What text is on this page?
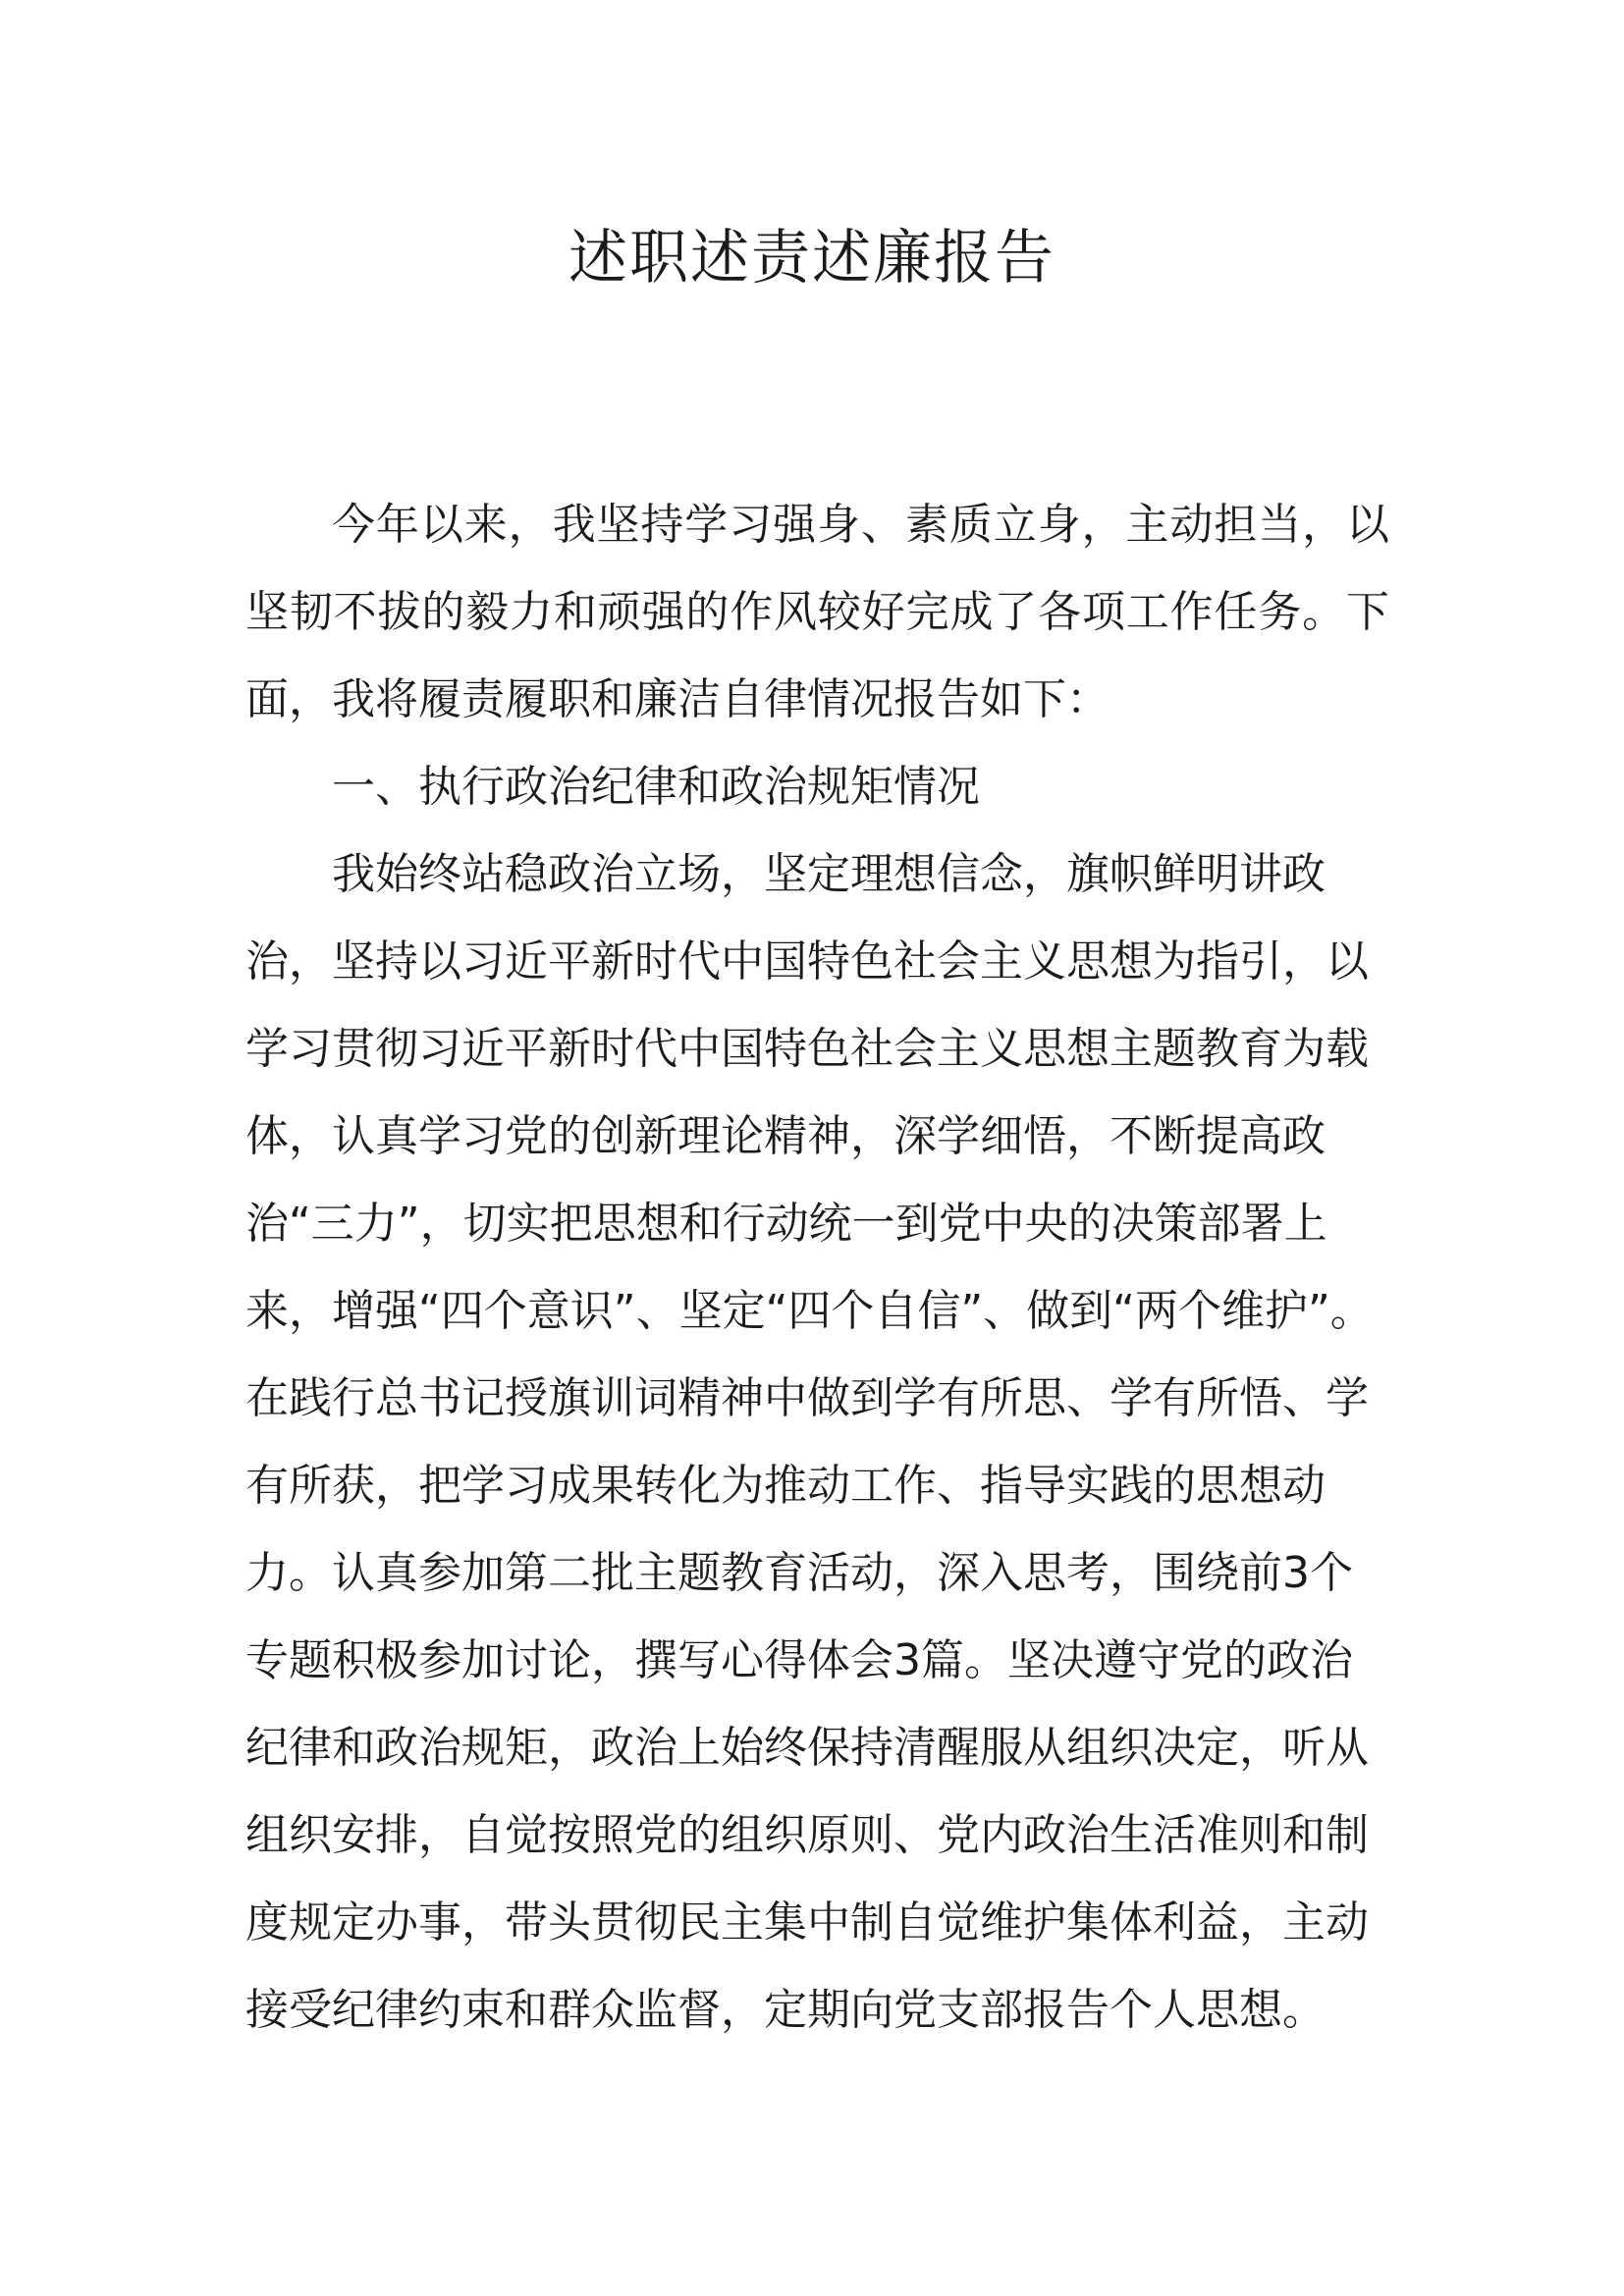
述职述责述廉报告

今年以来，我坚持学习强身、素质立身，主动担当，以坚韧不拔的毅力和顽强的作风较好完成了各项工作任务。下面，我将履责履职和廉洁自律情况报告如下：

一、执行政治纪律和政治规矩情况

我始终站稳政治立场，坚定理想信念，旗帜鲜明讲政治，坚持以习近平新时代中国特色社会主义思想为指引，以学习贯彻习近平新时代中国特色社会主义思想主题教育为载体，认真学习党的创新理论精神，深学细悟，不断提高政治“三力”，切实把思想和行动统一到党中央的决策部署上来，增强“四个意识”、坚定“四个自信”、做到“两个维护”。在践行总书记授旗训词精神中做到学有所思、学有所悟、学有所获，把学习成果转化为推动工作、指导实践的思想动力。认真参加第二批主题教育活动，深入思考，围绕前3个专题积极参加讨论，撰写心得体会3篇。坚决遵守党的政治纪律和政治规矩，政治上始终保持清醒服从组织决定，听从组织安排，自觉按照党的组织原则、党内政治生活准则和制度规定办事，带头贯彻民主集中制自觉维护集体利益，主动接受纪律约束和群众监督，定期向党支部报告个人思想。
